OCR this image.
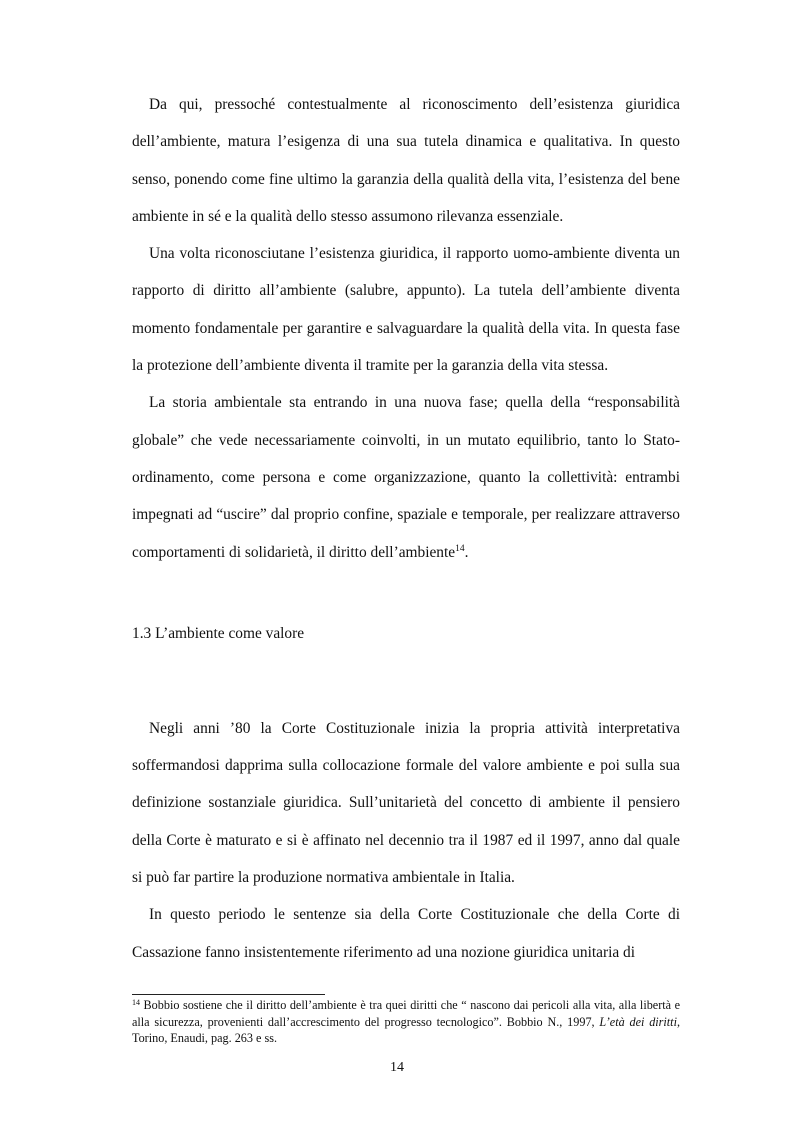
Da qui, pressoché contestualmente al riconoscimento dell’esistenza giuridica dell’ambiente, matura l’esigenza di una sua tutela dinamica e qualitativa. In questo senso, ponendo come fine ultimo la garanzia della qualità della vita, l’esistenza del bene ambiente in sé e la qualità dello stesso assumono rilevanza essenziale.

Una volta riconosciutane l’esistenza giuridica, il rapporto uomo-ambiente diventa un rapporto di diritto all’ambiente (salubre, appunto). La tutela dell’ambiente diventa momento fondamentale per garantire e salvaguardare la qualità della vita. In questa fase la protezione dell’ambiente diventa il tramite per la garanzia della vita stessa.

La storia ambientale sta entrando in una nuova fase; quella della “responsabilità globale” che vede necessariamente coinvolti, in un mutato equilibrio, tanto lo Stato-ordinamento, come persona e come organizzazione, quanto la collettività: entrambi impegnati ad “uscire” dal proprio confine, spaziale e temporale, per realizzare attraverso comportamenti di solidarietà, il diritto dell’ambiente$^{14}$.

1.3 L’ambiente come valore

Negli anni ’80 la Corte Costituzionale inizia la propria attività interpretativa soffermandosi dapprima sulla collocazione formale del valore ambiente e poi sulla sua definizione sostanziale giuridica. Sull’unitarietà del concetto di ambiente il pensiero della Corte è maturato e si è affinato nel decennio tra il 1987 ed il 1997, anno dal quale si può far partire la produzione normativa ambientale in Italia.

In questo periodo le sentenze sia della Corte Costituzionale che della Corte di Cassazione fanno insistentemente riferimento ad una nozione giuridica unitaria di

$^{14}$ Bobbio sostiene che il diritto dell’ambiente è tra quei diritti che “ nascono dai pericoli alla vita, alla libertà e alla sicurezza, provenienti dall’accrescimento del progresso tecnologico”. Bobbio N., 1997, L’età dei diritti, Torino, Enaudi, pag. 263 e ss.

14
